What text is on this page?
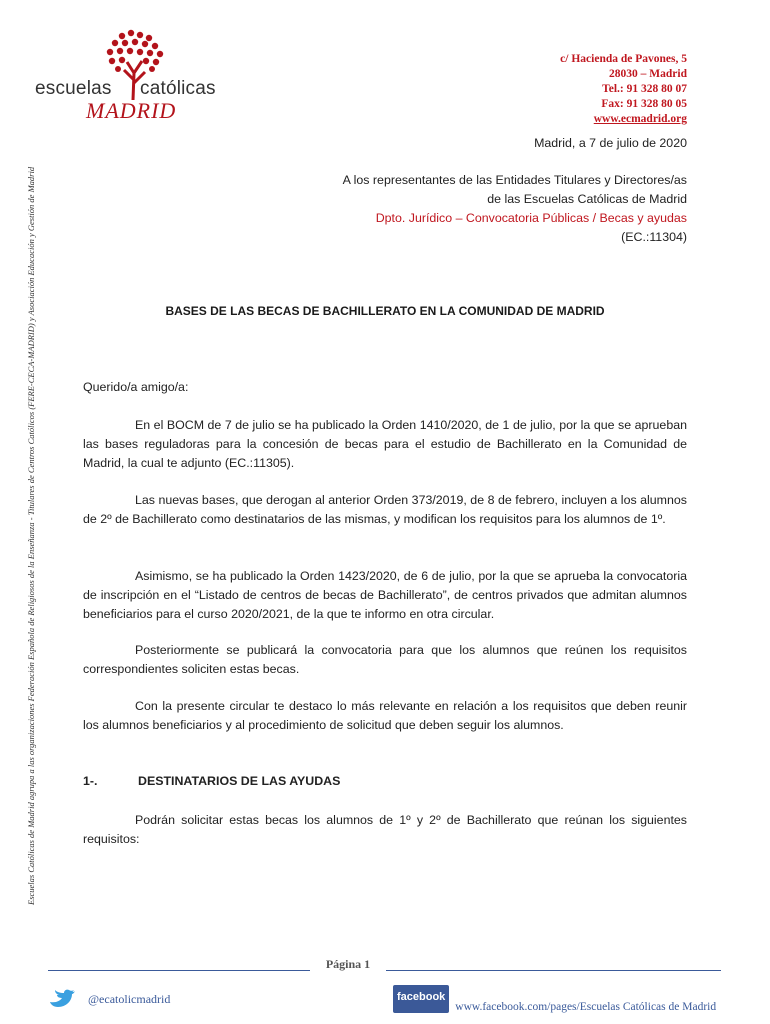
escuelas católicas
MADRID
c/ Hacienda de Pavones, 5
28030 – Madrid
Tel.: 91 328 80 07
Fax: 91 328 80 05
www.ecmadrid.org
Escuelas Católicas de Madrid agrupa a las organizaciones Federación Española de Religiosos de la Enseñanza - Titulares de Centros Católicos (FERE-CECA-MADRID) y Asociación Educación y Gestión de Madrid
Madrid, a 7 de julio de 2020
A los representantes de las Entidades Titulares y Directores/as
de las Escuelas Católicas de Madrid
Dpto. Jurídico – Convocatoria Públicas / Becas y ayudas
(EC.:11304)
BASES DE LAS BECAS DE BACHILLERATO EN LA COMUNIDAD DE MADRID
Querido/a amigo/a:
En el BOCM de 7 de julio se ha publicado la Orden 1410/2020, de 1 de julio, por la que se aprueban las bases reguladoras para la concesión de becas para el estudio de Bachillerato en la Comunidad de Madrid, la cual te adjunto (EC.:11305).
Las nuevas bases, que derogan al anterior Orden 373/2019, de 8 de febrero, incluyen a los alumnos de 2º de Bachillerato como destinatarios de las mismas, y modifican los requisitos para los alumnos de 1º.
Asimismo, se ha publicado la Orden 1423/2020, de 6 de julio, por la que se aprueba la convocatoria de inscripción en el “Listado de centros de becas de Bachillerato”, de centros privados que admitan alumnos beneficiarios para el curso 2020/2021, de la que te informo en otra circular.
Posteriormente se publicará la convocatoria para que los alumnos que reúnen los requisitos correspondientes soliciten estas becas.
Con la presente circular te destaco lo más relevante en relación a los requisitos que deben reunir los alumnos beneficiarios y al procedimiento de solicitud que deben seguir los alumnos.
1-.	DESTINATARIOS DE LAS AYUDAS
Podrán solicitar estas becas los alumnos de 1º y 2º de Bachillerato que reúnan los siguientes requisitos:
Página 1
@ecatolicmadrid	facebook
www.facebook.com/pages/Escuelas Católicas de Madrid
